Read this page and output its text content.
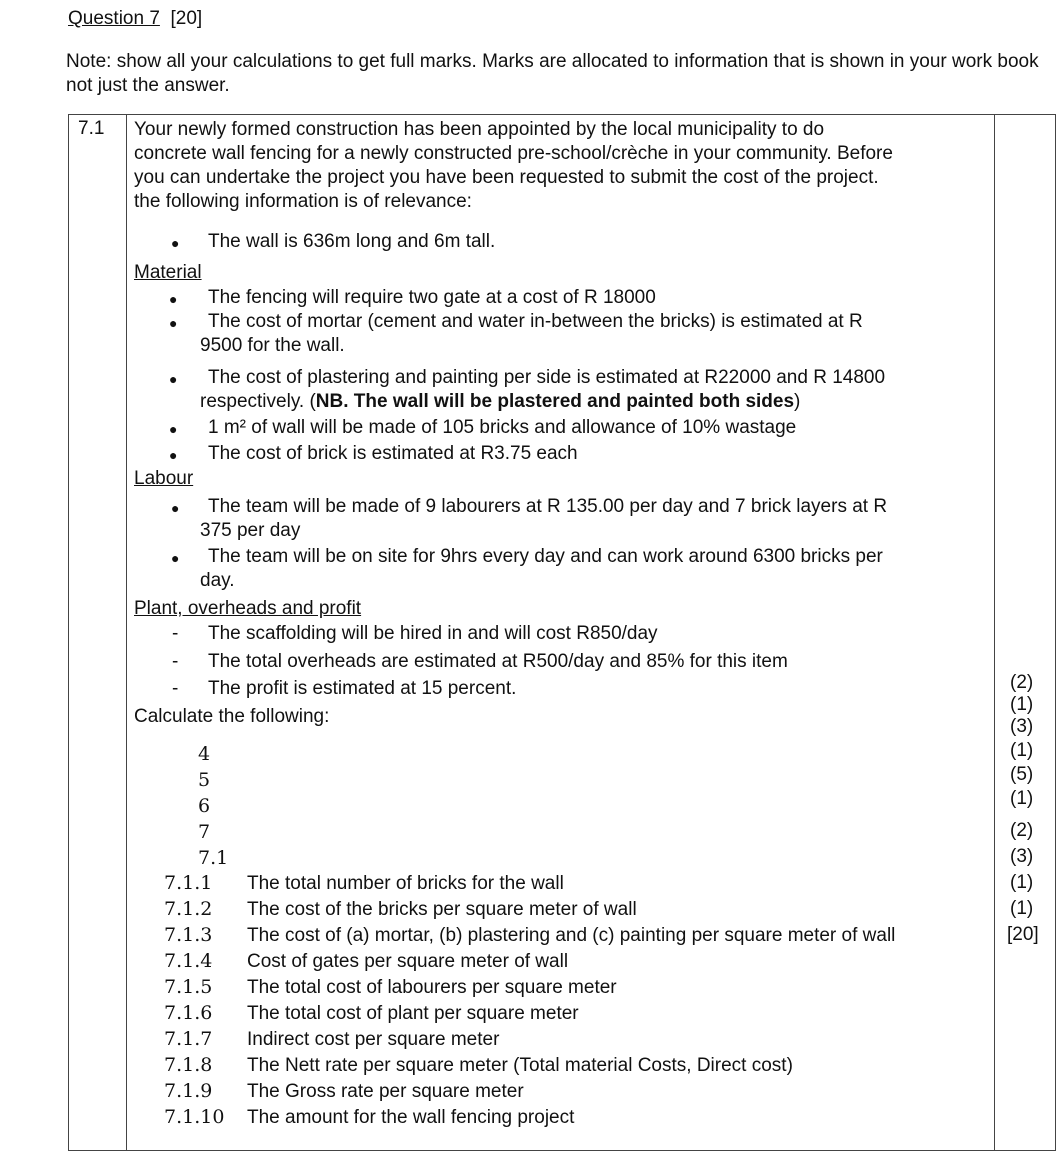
Question 7 [20]
Note: show all your calculations to get full marks. Marks are allocated to information that is shown in your work book not just the answer.
7.1 Your newly formed construction has been appointed by the local municipality to do
concrete wall fencing for a newly constructed pre-school/crèche in your community. Before
you can undertake the project you have been requested to submit the cost of the project.
the following information is of relevance:
● The wall is 636m long and 6m tall.
Material
● The fencing will require two gate at a cost of R 18000
● The cost of mortar (cement and water in-between the bricks) is estimated at R
9500 for the wall.
● The cost of plastering and painting per side is estimated at R22000 and R 14800
respectively. (NB. The wall will be plastered and painted both sides)
● 1 m² of wall will be made of 105 bricks and allowance of 10% wastage
● The cost of brick is estimated at R3.75 each
Labour
● The team will be made of 9 labourers at R 135.00 per day and 7 brick layers at R
375 per day
● The team will be on site for 9hrs every day and can work around 6300 bricks per
day.
Plant, overheads and profit
- The scaffolding will be hired in and will cost R850/day
- The total overheads are estimated at R500/day and 85% for this item
- The profit is estimated at 15 percent.
Calculate the following:
4
5
6
7
7.1
7.1.1 The total number of bricks for the wall
7.1.2 The cost of the bricks per square meter of wall
7.1.3 The cost of (a) mortar, (b) plastering and (c) painting per square meter of wall
7.1.4 Cost of gates per square meter of wall
7.1.5 The total cost of labourers per square meter
7.1.6 The total cost of plant per square meter
7.1.7 Indirect cost per square meter
7.1.8 The Nett rate per square meter (Total material Costs, Direct cost)
7.1.9 The Gross rate per square meter
7.1.10 The amount for the wall fencing project
(2)
(1)
(3)
(1)
(5)
(1)
(2)
(3)
(1)
(1)
[20]
